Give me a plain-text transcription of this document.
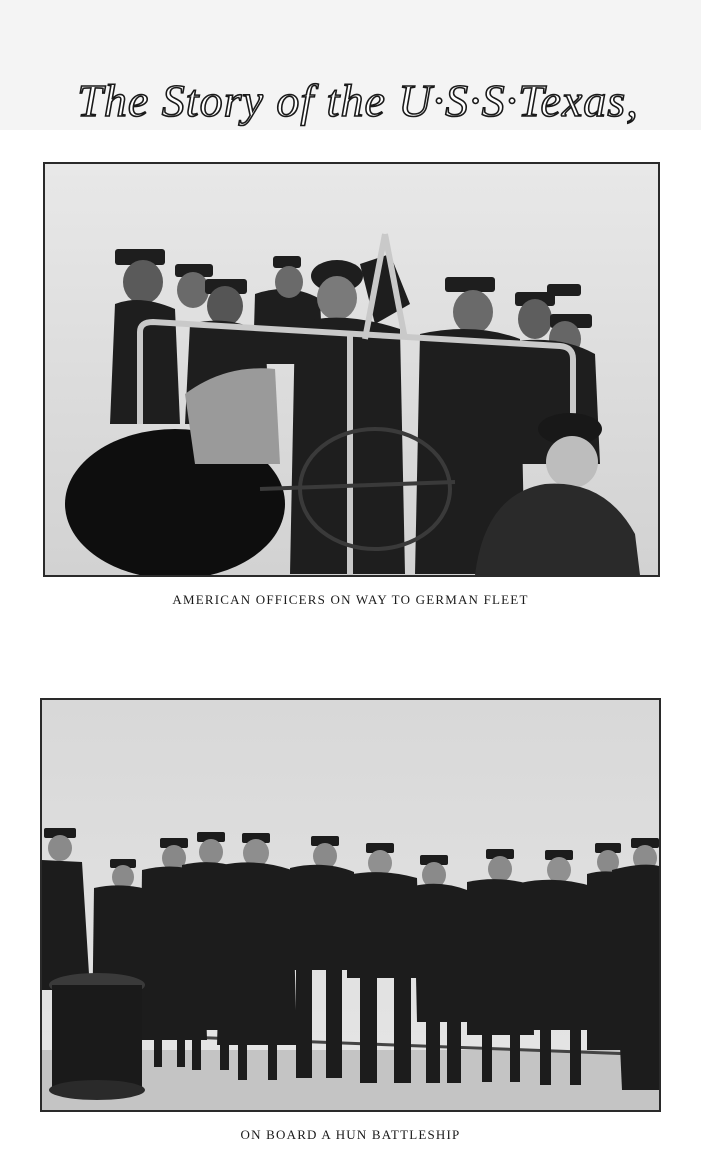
The Story of the U·S·S·Texas,
AMERICAN OFFICERS ON WAY TO GERMAN FLEET
ON BOARD A HUN BATTLESHIP
